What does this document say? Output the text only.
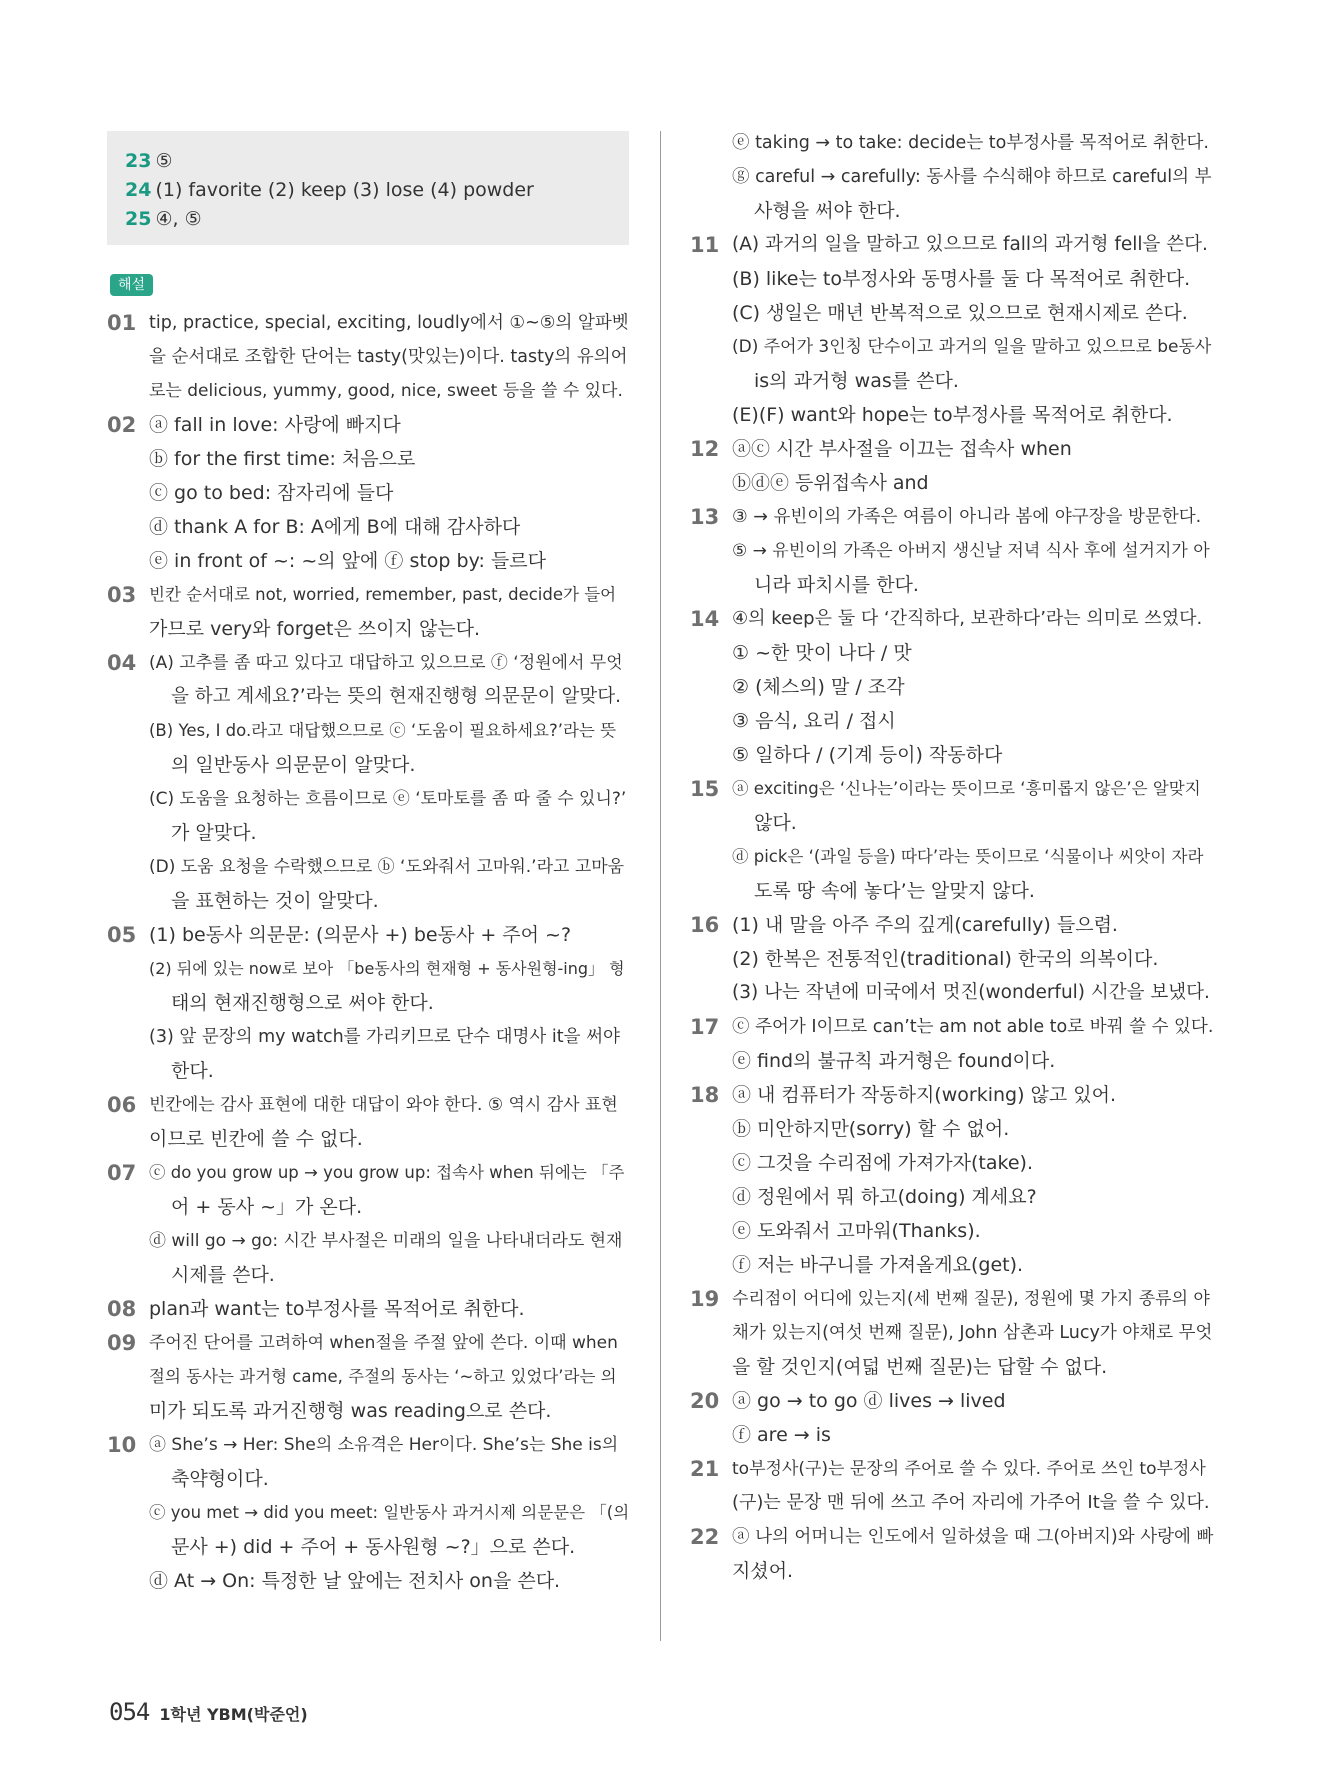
23 ⑤
24 (1) favorite (2) keep (3) lose (4) powder
25 ④, ⑤
해설
01 tip, practice, special, exciting, loudly에서 ①~⑤의 알파벳
을 순서대로 조합한 단어는 tasty(맛있는)이다. tasty의 유의어
로는 delicious, yummy, good, nice, sweet 등을 쓸 수 있다.
02 ⓐ fall in love: 사랑에 빠지다
ⓑ for the first time: 처음으로
ⓒ go to bed: 잠자리에 들다
ⓓ thank A for B: A에게 B에 대해 감사하다
ⓔ in front of ~: ~의 앞에 ⓕ stop by: 들르다
03 빈칸 순서대로 not, worried, remember, past, decide가 들어
가므로 very와 forget은 쓰이지 않는다.
04 (A) 고추를 좀 따고 있다고 대답하고 있으므로 ⓕ ‘정원에서 무엇
을 하고 계세요?’라는 뜻의 현재진행형 의문문이 알맞다.
(B) Yes, I do.라고 대답했으므로 ⓒ ‘도움이 필요하세요?’라는 뜻
의 일반동사 의문문이 알맞다.
(C) 도움을 요청하는 흐름이므로 ⓔ ‘토마토를 좀 따 줄 수 있니?’
가 알맞다.
(D) 도움 요청을 수락했으므로 ⓑ ‘도와줘서 고마워.’라고 고마움
을 표현하는 것이 알맞다.
05 (1) be동사 의문문: (의문사 +) be동사 + 주어 ~?
(2) 뒤에 있는 now로 보아 「be동사의 현재형 + 동사원형-ing」 형
태의 현재진행형으로 써야 한다.
(3) 앞 문장의 my watch를 가리키므로 단수 대명사 it을 써야
한다.
06 빈칸에는 감사 표현에 대한 대답이 와야 한다. ⑤ 역시 감사 표현
이므로 빈칸에 쓸 수 없다.
07 ⓒ do you grow up → you grow up: 접속사 when 뒤에는 「주
어 + 동사 ~」가 온다.
ⓓ will go → go: 시간 부사절은 미래의 일을 나타내더라도 현재
시제를 쓴다.
08 plan과 want는 to부정사를 목적어로 취한다.
09 주어진 단어를 고려하여 when절을 주절 앞에 쓴다. 이때 when
절의 동사는 과거형 came, 주절의 동사는 ‘~하고 있었다’라는 의
미가 되도록 과거진행형 was reading으로 쓴다.
10 ⓐ She’s → Her: She의 소유격은 Her이다. She’s는 She is의
축약형이다.
ⓒ you met → did you meet: 일반동사 과거시제 의문문은 「(의
문사 +) did + 주어 + 동사원형 ~?」으로 쓴다.
ⓓ At → On: 특정한 날 앞에는 전치사 on을 쓴다.
ⓔ taking → to take: decide는 to부정사를 목적어로 취한다.
ⓖ careful → carefully: 동사를 수식해야 하므로 careful의 부
사형을 써야 한다.
11 (A) 과거의 일을 말하고 있으므로 fall의 과거형 fell을 쓴다.
(B) like는 to부정사와 동명사를 둘 다 목적어로 취한다.
(C) 생일은 매년 반복적으로 있으므로 현재시제로 쓴다.
(D) 주어가 3인칭 단수이고 과거의 일을 말하고 있으므로 be동사
is의 과거형 was를 쓴다.
(E)(F) want와 hope는 to부정사를 목적어로 취한다.
12 ⓐⓒ 시간 부사절을 이끄는 접속사 when
ⓑⓓⓔ 등위접속사 and
13 ③ → 유빈이의 가족은 여름이 아니라 봄에 야구장을 방문한다.
⑤ → 유빈이의 가족은 아버지 생신날 저녁 식사 후에 설거지가 아
니라 파치시를 한다.
14 ④의 keep은 둘 다 ‘간직하다, 보관하다’라는 의미로 쓰였다.
① ~한 맛이 나다 / 맛
② (체스의) 말 / 조각
③ 음식, 요리 / 접시
⑤ 일하다 / (기계 등이) 작동하다
15 ⓐ exciting은 ‘신나는’이라는 뜻이므로 ‘흥미롭지 않은’은 알맞지
않다.
ⓓ pick은 ‘(과일 등을) 따다’라는 뜻이므로 ‘식물이나 씨앗이 자라
도록 땅 속에 놓다’는 알맞지 않다.
16 (1) 내 말을 아주 주의 깊게(carefully) 들으렴.
(2) 한복은 전통적인(traditional) 한국의 의복이다.
(3) 나는 작년에 미국에서 멋진(wonderful) 시간을 보냈다.
17 ⓒ 주어가 I이므로 can’t는 am not able to로 바꿔 쓸 수 있다.
ⓔ find의 불규칙 과거형은 found이다.
18 ⓐ 내 컴퓨터가 작동하지(working) 않고 있어.
ⓑ 미안하지만(sorry) 할 수 없어.
ⓒ 그것을 수리점에 가져가자(take).
ⓓ 정원에서 뭐 하고(doing) 계세요?
ⓔ 도와줘서 고마워(Thanks).
ⓕ 저는 바구니를 가져올게요(get).
19 수리점이 어디에 있는지(세 번째 질문), 정원에 몇 가지 종류의 야
채가 있는지(여섯 번째 질문), John 삼촌과 Lucy가 야채로 무엇
을 할 것인지(여덟 번째 질문)는 답할 수 없다.
20 ⓐ go → to go ⓓ lives → lived
ⓕ are → is
21 to부정사(구)는 문장의 주어로 쓸 수 있다. 주어로 쓰인 to부정사
(구)는 문장 맨 뒤에 쓰고 주어 자리에 가주어 It을 쓸 수 있다.
22 ⓐ 나의 어머니는 인도에서 일하셨을 때 그(아버지)와 사랑에 빠
지셨어.
054 1학년 YBM(박준언)
